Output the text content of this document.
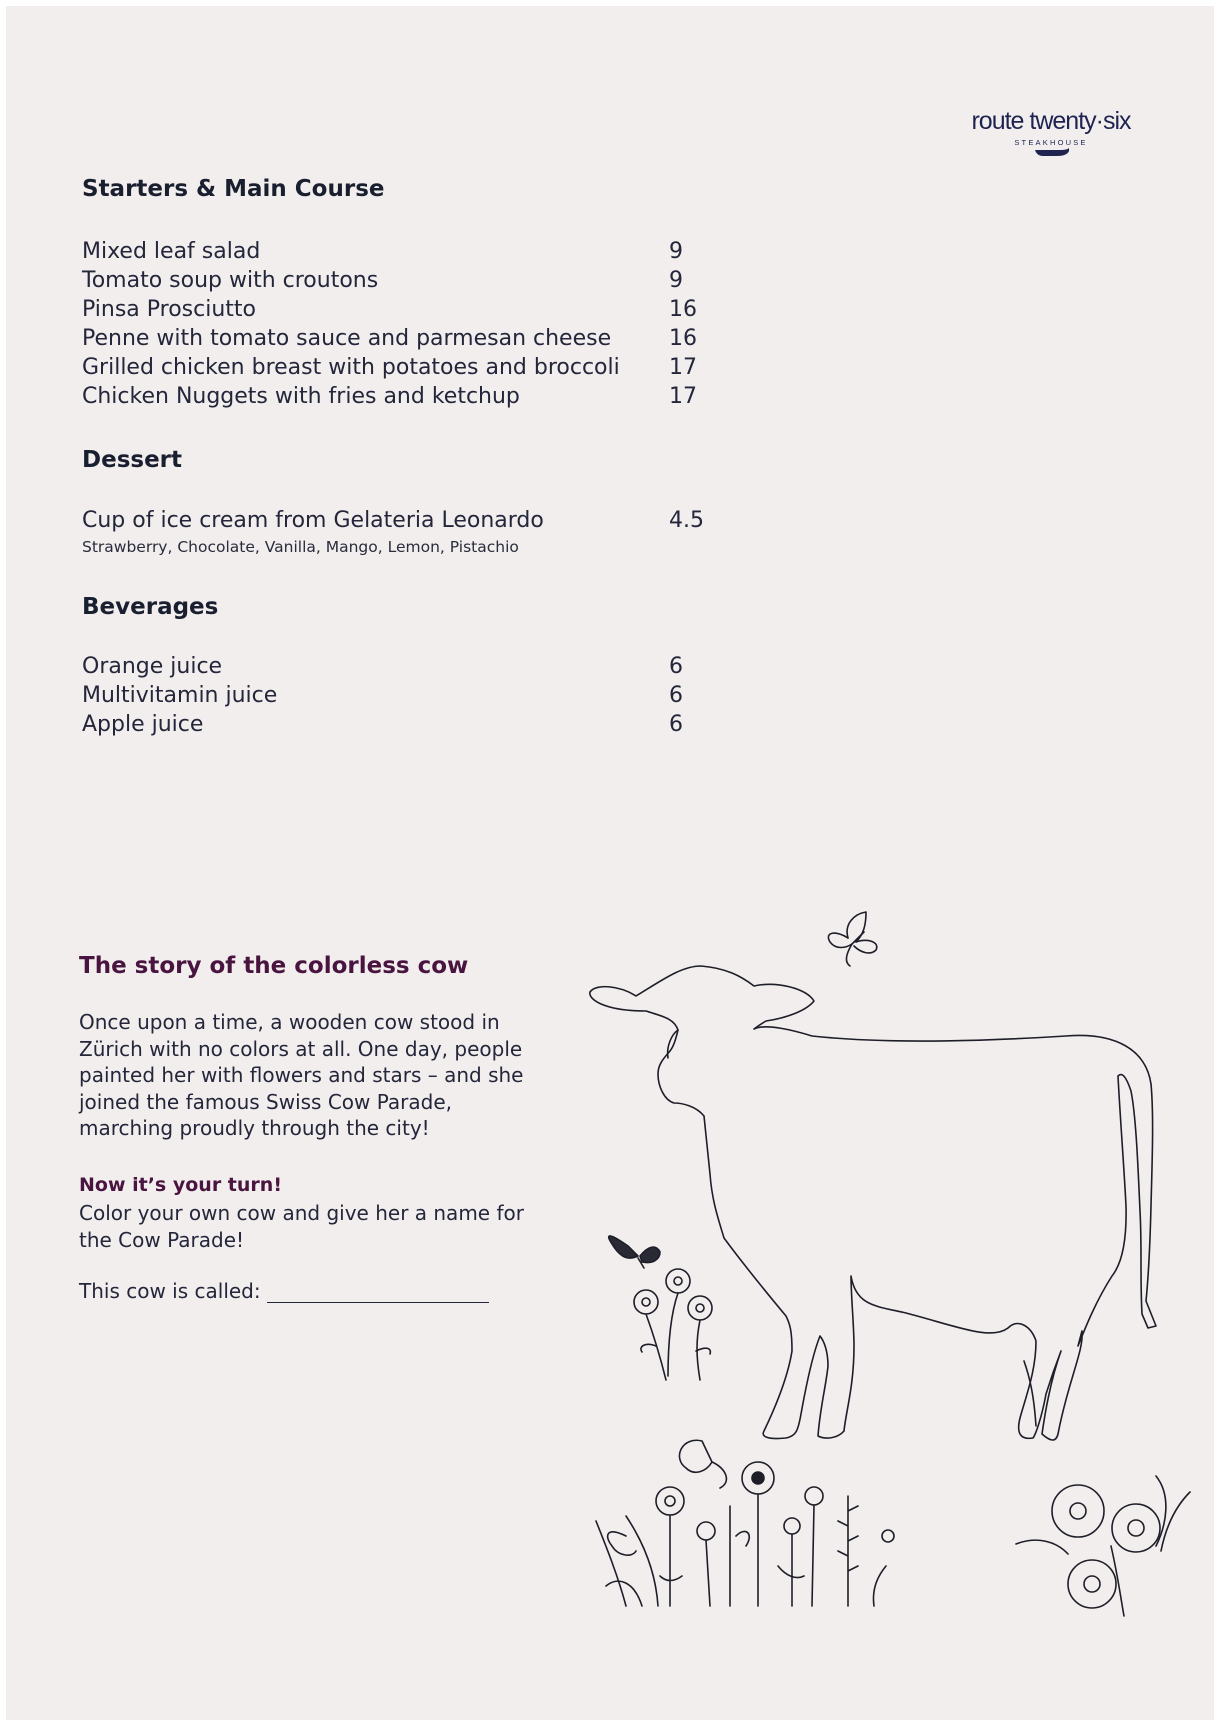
route twenty·six
STEAKHOUSE
Starters & Main Course
Mixed leaf salad	9
Tomato soup with croutons	9
Pinsa Prosciutto	16
Penne with tomato sauce and parmesan cheese	16
Grilled chicken breast with potatoes and broccoli 17
Chicken Nuggets with fries and ketchup	17
Dessert
Cup of ice cream from Gelateria Leonardo	4.5
Strawberry, Chocolate, Vanilla, Mango, Lemon, Pistachio
Beverages
Orange juice	6
Multivitamin juice	6
Apple juice	6
The story of the colorless cow

Once upon a time, a wooden cow stood in

Zürich with no colors at all. One day, people

painted her with flowers and stars – and she

joined the famous Swiss Cow Parade,

marching proudly through the city!

Now it’s your turn!
Color your own cow and give her a name for
the Cow Parade!
This cow is called:
